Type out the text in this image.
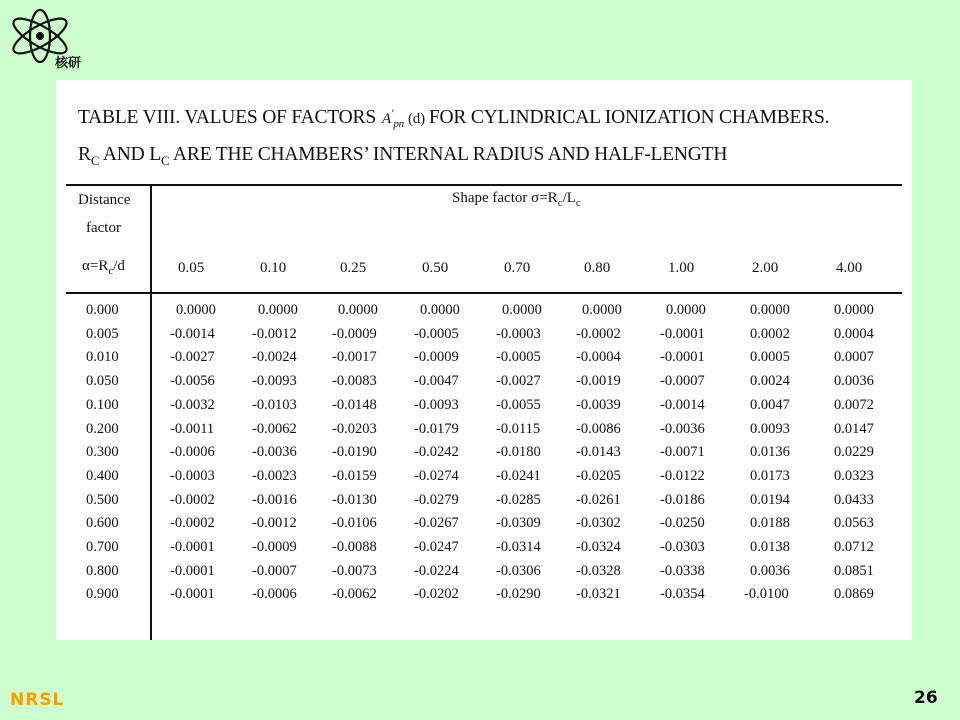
核研
TABLE VIII. VALUES OF FACTORS $A'_{pn}$ (d) FOR CYLINDRICAL IONIZATION CHAMBERS.
$R_C$ AND $L_C$ ARE THE CHAMBERS’ INTERNAL RADIUS AND HALF-LENGTH
Distance
factor
$\alpha=R_c/d$
Shape factor $\sigma=R_c/L_c$
0.05	0.10	0.25	0.50	0.70	0.80	1.00	2.00	4.00
0.000	0.0000	0.0000	0.0000	0.0000	0.0000	0.0000	0.0000	0.0000	0.0000
0.005	-0.0014	-0.0012 -0.0009	-0.0005	-0.0003 -0.0002	-0.0001	0.0002	0.0004
0.010	-0.0027	-0.0024 -0.0017	-0.0009	-0.0005 -0.0004	-0.0001	0.0005	0.0007
0.050	-0.0056	-0.0093 -0.0083	-0.0047	-0.0027 -0.0019	-0.0007	0.0024	0.0036
0.100	-0.0032	-0.0103 -0.0148	-0.0093	-0.0055 -0.0039	-0.0014	0.0047	0.0072
0.200	-0.0011	-0.0062 -0.0203	-0.0179	-0.0115 -0.0086	-0.0036	0.0093	0.0147
0.300	-0.0006	-0.0036 -0.0190	-0.0242	-0.0180 -0.0143	-0.0071	0.0136	0.0229
0.400	-0.0003	-0.0023 -0.0159	-0.0274	-0.0241 -0.0205	-0.0122	0.0173	0.0323
0.500	-0.0002	-0.0016 -0.0130	-0.0279	-0.0285 -0.0261	-0.0186	0.0194	0.0433
0.600	-0.0002	-0.0012 -0.0106	-0.0267	-0.0309 -0.0302	-0.0250	0.0188	0.0563
0.700	-0.0001	-0.0009 -0.0088	-0.0247	-0.0314 -0.0324	-0.0303	0.0138	0.0712
0.800	-0.0001	-0.0007 -0.0073	-0.0224	-0.0306 -0.0328	-0.0338	0.0036	0.0851
0.900	-0.0001	-0.0006 -0.0062	-0.0202	-0.0290 -0.0321	-0.0354	-0.0100	0.0869
NRSL	26
